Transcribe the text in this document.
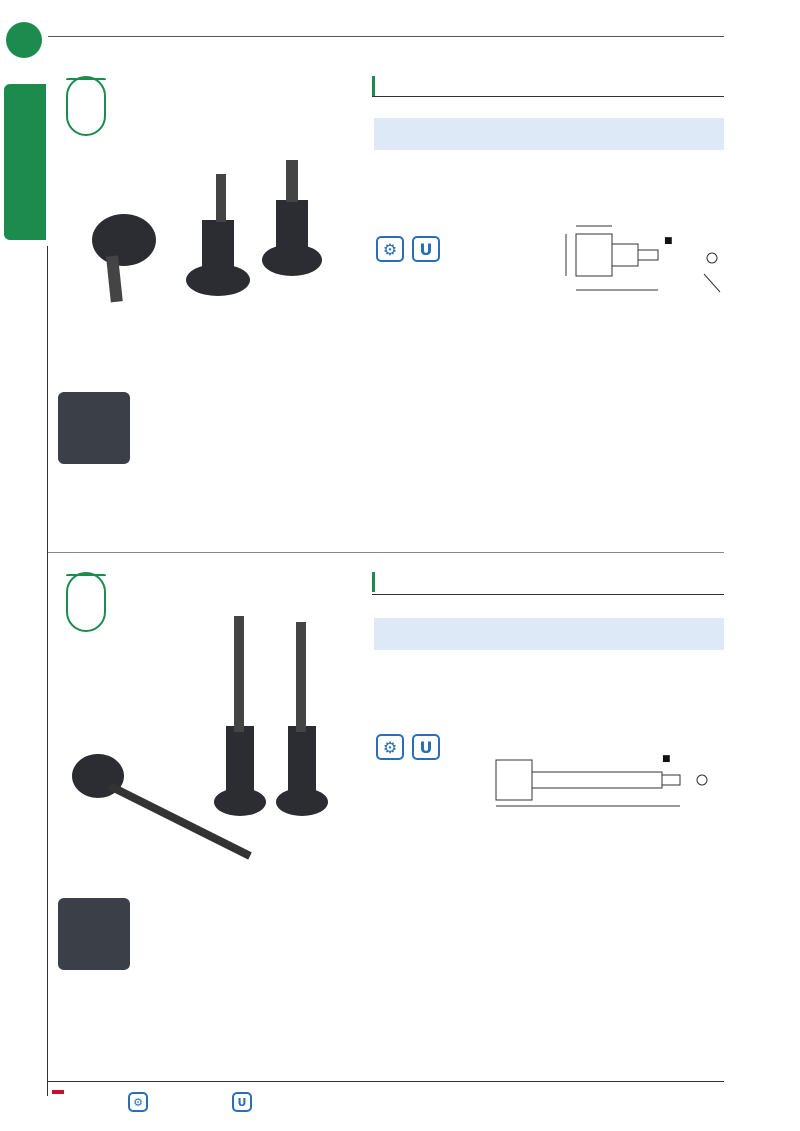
⚙	U	■

⚙	U
■
⚙	U
